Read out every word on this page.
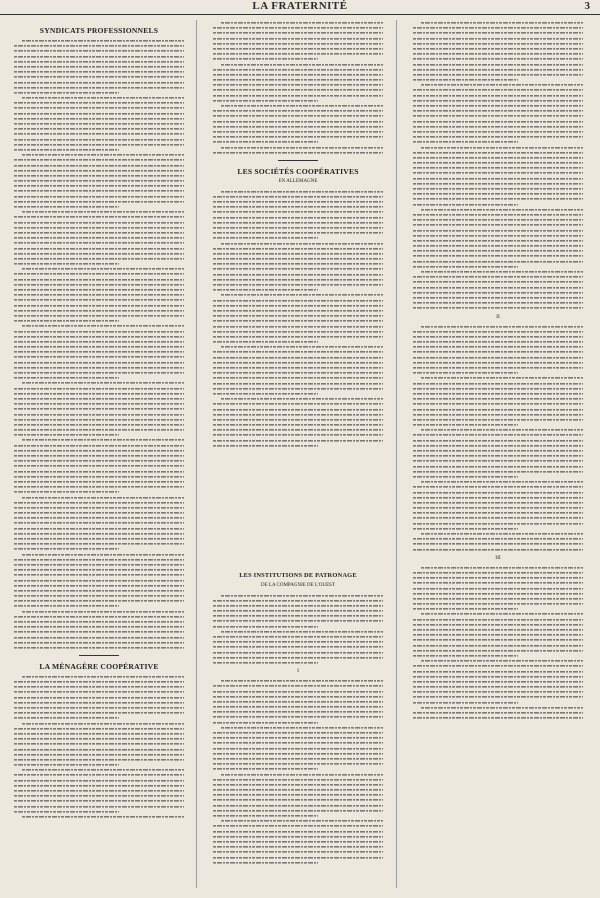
LA FRATERNITÉ	3
SYNDICATS PROFESSIONNELS
LA MÉNAGÈRE COOPÉRATIVE
LES SOCIÉTÉS COOPÉRATIVES
EN ALLEMAGNE
II
III
LES INSTITUTIONS DE PATRONAGE
DE LA COMPAGNIE DE L'OUEST
I
